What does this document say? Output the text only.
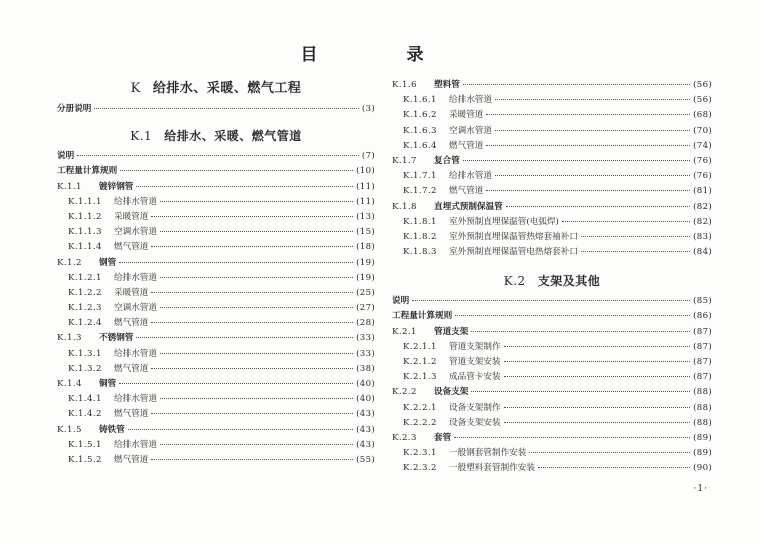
目　录
K 给排水、采暖、燃气工程
分册说明	(3)
K.1 给排水、采暖、燃气管道
说明	(7)
工程量计算规则	(10)
K.1.1	镀锌钢管	(11)
K.1.1.1	给排水管道	(11)
K.1.1.2	采暖管道	(13)
K.1.1.3	空调水管道	(15)
K.1.1.4	燃气管道	(18)
K.1.2	钢管	(19)
K.1.2.1	给排水管道	(19)
K.1.2.2	采暖管道	(25)
K.1.2.3	空调水管道	(27)
K.1.2.4	燃气管道	(28)
K.1.3	不锈钢管	(33)
K.1.3.1	给排水管道	(33)
K.1.3.2	燃气管道	(38)
K.1.4	铜管	(40)
K.1.4.1	给排水管道	(40)
K.1.4.2	燃气管道	(43)
K.1.5	铸铁管	(43)
K.1.5.1	给排水管道	(43)
K.1.5.2	燃气管道	(55)
K.1.6	塑料管	(56)
K.1.6.1	给排水管道	(56)
K.1.6.2	采暖管道	(68)
K.1.6.3	空调水管道	(70)
K.1.6.4	燃气管道	(74)
K.1.7	复合管	(76)
K.1.7.1	给排水管道	(76)
K.1.7.2	燃气管道	(81)
K.1.8	直埋式预制保温管	(82)
K.1.8.1	室外预制直埋保温管(电弧焊)	(82)
K.1.8.2	室外预制直埋保温管热熔套袖补口	(83)
K.1.8.3	室外预制直埋保温管电热熔套补口	(84)
K.2 支架及其他
说明	(85)
工程量计算规则	(86)
K.2.1	管道支架	(87)
K.2.1.1	管道支架制作	(87)
K.2.1.2	管道支架安装	(87)
K.2.1.3	成品管卡安装	(87)
K.2.2	设备支架	(88)
K.2.2.1	设备支架制作	(88)
K.2.2.2	设备支架安装	(88)
K.2.3	套管	(89)
K.2.3.1	一般钢套管制作安装	(89)
K.2.3.2	一般塑料套管制作安装	(90)
·1·
